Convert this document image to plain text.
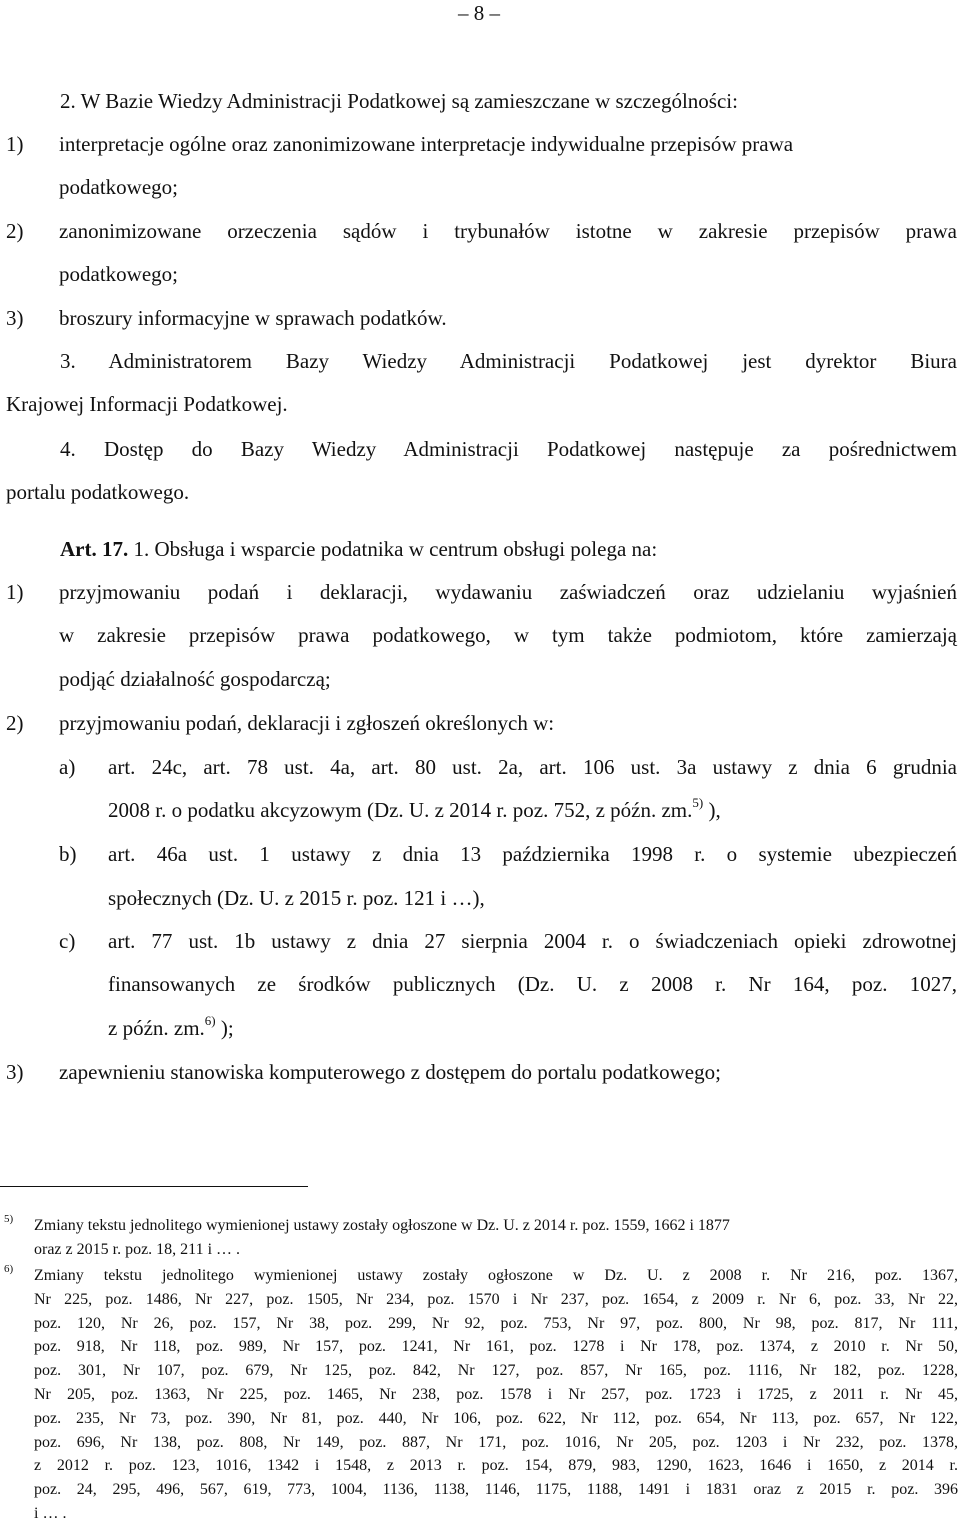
– 8 –
2. W Bazie Wiedzy Administracji Podatkowej są zamieszczane w szczególności:
1) interpretacje ogólne oraz zanonimizowane interpretacje indywidualne przepisów prawa
podatkowego;
2) zanonimizowane orzeczenia sądów i trybunałów istotne w zakresie przepisów prawa
podatkowego;
3) broszury informacyjne w sprawach podatków.
3. Administratorem Bazy Wiedzy Administracji Podatkowej jest dyrektor Biura
Krajowej Informacji Podatkowej.
4. Dostęp do Bazy Wiedzy Administracji Podatkowej następuje za pośrednictwem
portalu podatkowego.
Art. 17. 1. Obsługa i wsparcie podatnika w centrum obsługi polega na:
1) przyjmowaniu podań i deklaracji, wydawaniu zaświadczeń oraz udzielaniu wyjaśnień
w zakresie przepisów prawa podatkowego, w tym także podmiotom, które zamierzają
podjąć działalność gospodarczą;
2) przyjmowaniu podań, deklaracji i zgłoszeń określonych w:
a) art. 24c, art. 78 ust. 4a, art. 80 ust. 2a, art. 106 ust. 3a ustawy z dnia 6 grudnia
2008 r. o podatku akcyzowym (Dz. U. z 2014 r. poz. 752, z późn. zm.$^{5)}$ ),
b) art. 46a ust. 1 ustawy z dnia 13 października 1998 r. o systemie ubezpieczeń
społecznych (Dz. U. z 2015 r. poz. 121 i …),
c) art. 77 ust. 1b ustawy z dnia 27 sierpnia 2004 r. o świadczeniach opieki zdrowotnej
finansowanych ze środków publicznych (Dz. U. z 2008 r. Nr 164, poz. 1027,
z późn. zm.$^{6)}$ );
3) zapewnieniu stanowiska komputerowego z dostępem do portalu podatkowego;
5) Zmiany tekstu jednolitego wymienionej ustawy zostały ogłoszone w Dz. U. z 2014 r. poz. 1559, 1662 i 1877
oraz z 2015 r. poz. 18, 211 i … .
6) Zmiany tekstu jednolitego wymienionej ustawy zostały ogłoszone w Dz. U. z 2008 r. Nr 216, poz. 1367,
Nr 225, poz. 1486, Nr 227, poz. 1505, Nr 234, poz. 1570 i Nr 237, poz. 1654, z 2009 r. Nr 6, poz. 33, Nr 22,
poz. 120, Nr 26, poz. 157, Nr 38, poz. 299, Nr 92, poz. 753, Nr 97, poz. 800, Nr 98, poz. 817, Nr 111,
poz. 918, Nr 118, poz. 989, Nr 157, poz. 1241, Nr 161, poz. 1278 i Nr 178, poz. 1374, z 2010 r. Nr 50,
poz. 301, Nr 107, poz. 679, Nr 125, poz. 842, Nr 127, poz. 857, Nr 165, poz. 1116, Nr 182, poz. 1228,
Nr 205, poz. 1363, Nr 225, poz. 1465, Nr 238, poz. 1578 i Nr 257, poz. 1723 i 1725, z 2011 r. Nr 45,
poz. 235, Nr 73, poz. 390, Nr 81, poz. 440, Nr 106, poz. 622, Nr 112, poz. 654, Nr 113, poz. 657, Nr 122,
poz. 696, Nr 138, poz. 808, Nr 149, poz. 887, Nr 171, poz. 1016, Nr 205, poz. 1203 i Nr 232, poz. 1378,
z 2012 r. poz. 123, 1016, 1342 i 1548, z 2013 r. poz. 154, 879, 983, 1290, 1623, 1646 i 1650, z 2014 r.
poz. 24, 295, 496, 567, 619, 773, 1004, 1136, 1138, 1146, 1175, 1188, 1491 i 1831 oraz z 2015 r. poz. 396
i … .
